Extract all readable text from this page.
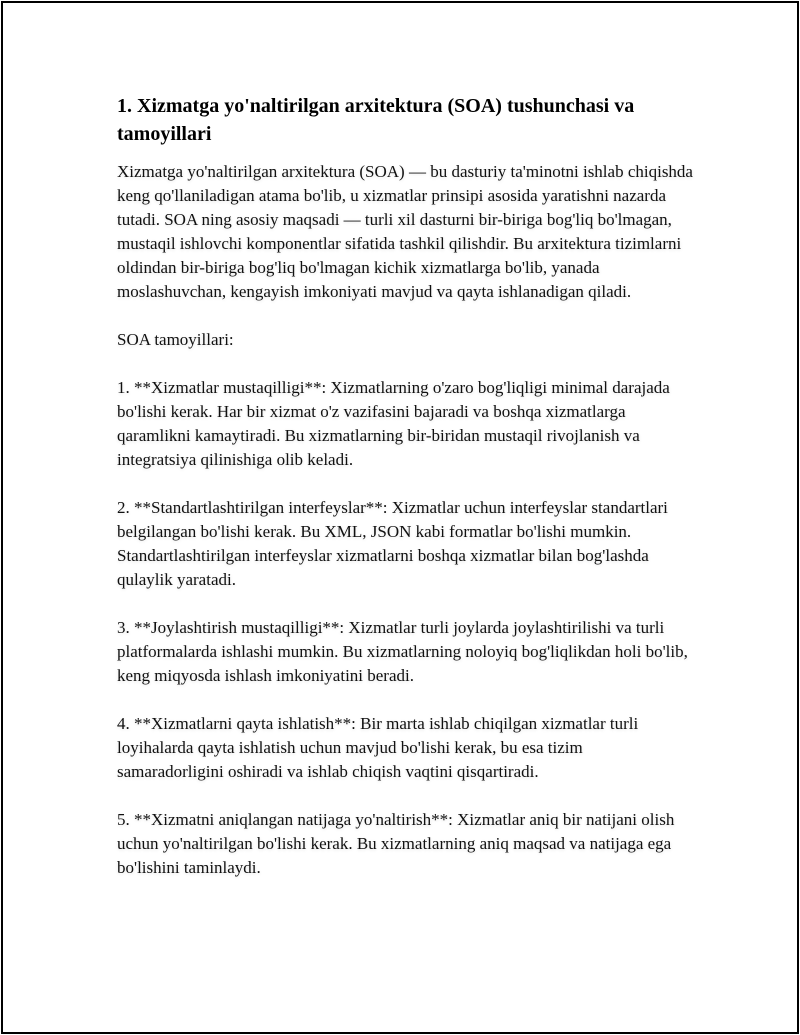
1. Xizmatga yo'naltirilgan arxitektura (SOA) tushunchasi va tamoyillari

Xizmatga yo'naltirilgan arxitektura (SOA) — bu dasturiy ta'minotni ishlab chiqishda keng qo'llaniladigan atama bo'lib, u xizmatlar prinsipi asosida yaratishni nazarda tutadi. SOA ning asosiy maqsadi — turli xil dasturni bir-biriga bog'liq bo'lmagan, mustaqil ishlovchi komponentlar sifatida tashkil qilishdir. Bu arxitektura tizimlarni oldindan bir-biriga bog'liq bo'lmagan kichik xizmatlarga bo'lib, yanada moslashuvchan, kengayish imkoniyati mavjud va qayta ishlanadigan qiladi.

SOA tamoyillari:

1. **Xizmatlar mustaqilligi**: Xizmatlarning o'zaro bog'liqligi minimal darajada bo'lishi kerak. Har bir xizmat o'z vazifasini bajaradi va boshqa xizmatlarga qaramlikni kamaytiradi. Bu xizmatlarning bir-biridan mustaqil rivojlanish va integratsiya qilinishiga olib keladi.

2. **Standartlashtirilgan interfeyslar**: Xizmatlar uchun interfeyslar standartlari belgilangan bo'lishi kerak. Bu XML, JSON kabi formatlar bo'lishi mumkin. Standartlashtirilgan interfeyslar xizmatlarni boshqa xizmatlar bilan bog'lashda qulaylik yaratadi.

3. **Joylashtirish mustaqilligi**: Xizmatlar turli joylarda joylashtirilishi va turli platformalarda ishlashi mumkin. Bu xizmatlarning noloyiq bog'liqlikdan holi bo'lib, keng miqyosda ishlash imkoniyatini beradi.

4. **Xizmatlarni qayta ishlatish**: Bir marta ishlab chiqilgan xizmatlar turli loyihalarda qayta ishlatish uchun mavjud bo'lishi kerak, bu esa tizim samaradorligini oshiradi va ishlab chiqish vaqtini qisqartiradi.

5. **Xizmatni aniqlangan natijaga yo'naltirish**: Xizmatlar aniq bir natijani olish uchun yo'naltirilgan bo'lishi kerak. Bu xizmatlarning aniq maqsad va natijaga ega bo'lishini taminlaydi.
